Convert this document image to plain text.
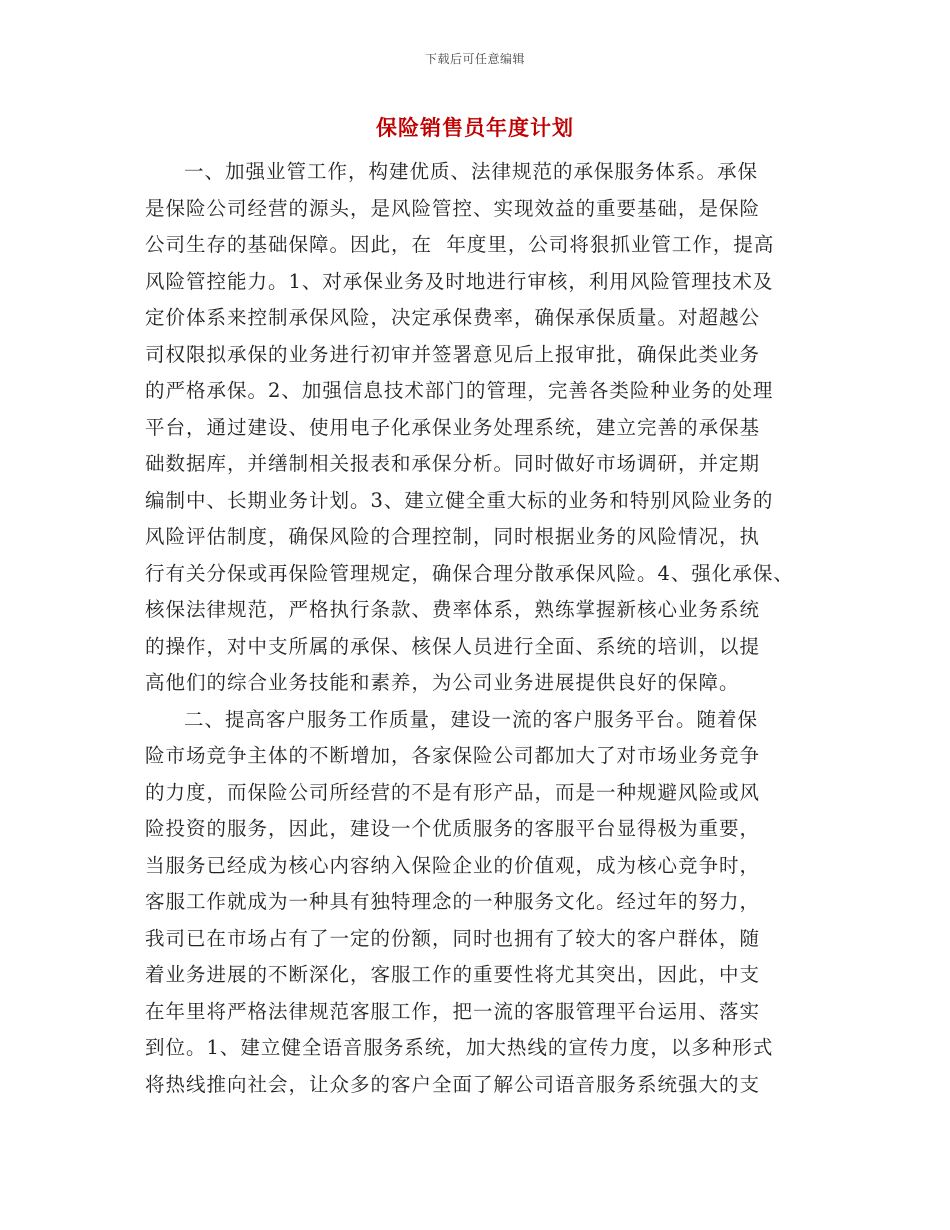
下载后可任意编辑
保险销售员年度计划
一、加强业管工作，构建优质、法律规范的承保服务体系。承保
是保险公司经营的源头，是风险管控、实现效益的重要基础，是保险
公司生存的基础保障。因此，在  年度里，公司将狠抓业管工作，提高
风险管控能力。1、对承保业务及时地进行审核，利用风险管理技术及
定价体系来控制承保风险，决定承保费率，确保承保质量。对超越公
司权限拟承保的业务进行初审并签署意见后上报审批，确保此类业务
的严格承保。2、加强信息技术部门的管理，完善各类险种业务的处理
平台，通过建设、使用电子化承保业务处理系统，建立完善的承保基
础数据库，并缮制相关报表和承保分析。同时做好市场调研，并定期
编制中、长期业务计划。3、建立健全重大标的业务和特别风险业务的
风险评估制度，确保风险的合理控制，同时根据业务的风险情况，执
行有关分保或再保险管理规定，确保合理分散承保风险。4、强化承保、
核保法律规范，严格执行条款、费率体系，熟练掌握新核心业务系统
的操作，对中支所属的承保、核保人员进行全面、系统的培训，以提
高他们的综合业务技能和素养，为公司业务进展提供良好的保障。
二、提高客户服务工作质量，建设一流的客户服务平台。随着保
险市场竞争主体的不断增加，各家保险公司都加大了对市场业务竞争
的力度，而保险公司所经营的不是有形产品，而是一种规避风险或风
险投资的服务，因此，建设一个优质服务的客服平台显得极为重要，
当服务已经成为核心内容纳入保险企业的价值观，成为核心竞争时，
客服工作就成为一种具有独特理念的一种服务文化。经过年的努力，
我司已在市场占有了一定的份额，同时也拥有了较大的客户群体，随
着业务进展的不断深化，客服工作的重要性将尤其突出，因此，中支
在年里将严格法律规范客服工作，把一流的客服管理平台运用、落实
到位。1、建立健全语音服务系统，加大热线的宣传力度，以多种形式
将热线推向社会，让众多的客户全面了解公司语音服务系统强大的支
